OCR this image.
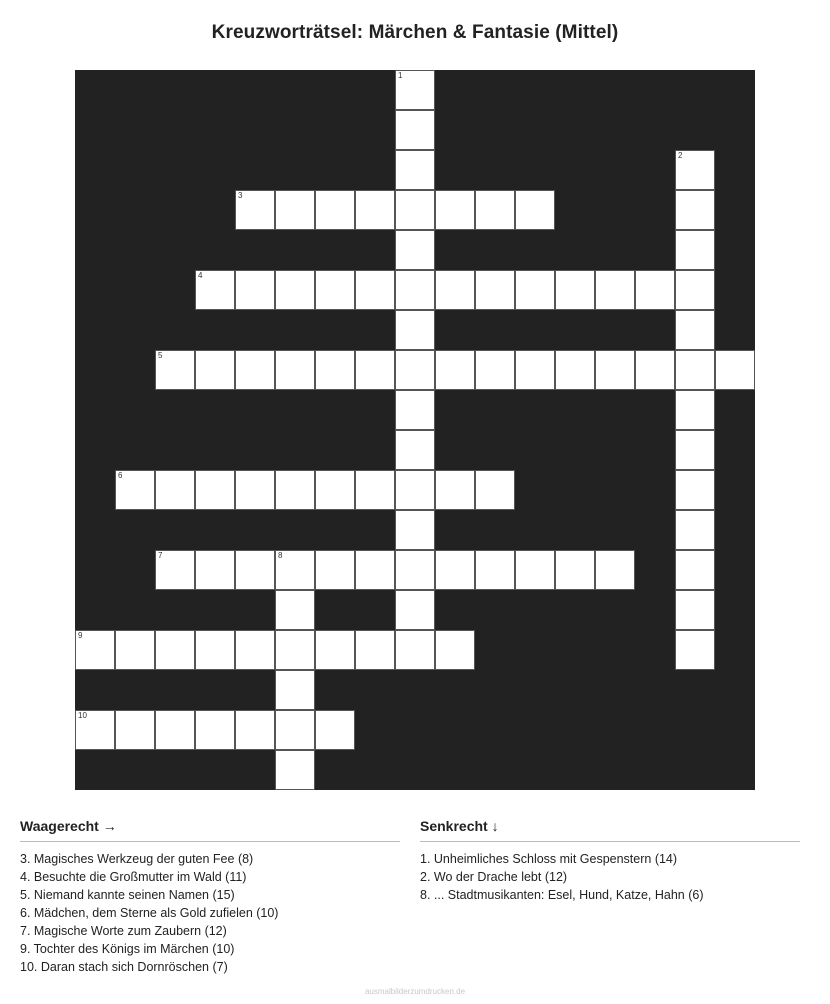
Kreuzworträtsel: Märchen & Fantasie (Mittel)
1
2
3
4
5
6
7	8
9
10
Waagerecht →
3. Magisches Werkzeug der guten Fee (8)
4. Besuchte die Großmutter im Wald (11)
5. Niemand kannte seinen Namen (15)
6. Mädchen, dem Sterne als Gold zufielen (10)
7. Magische Worte zum Zaubern (12)
9. Tochter des Königs im Märchen (10)
10. Daran stach sich Dornröschen (7)
Senkrecht ↓
1. Unheimliches Schloss mit Gespenstern (14)
2. Wo der Drache lebt (12)
8. ... Stadtmusikanten: Esel, Hund, Katze, Hahn (6)
ausmalbilderzumdrucken.de
